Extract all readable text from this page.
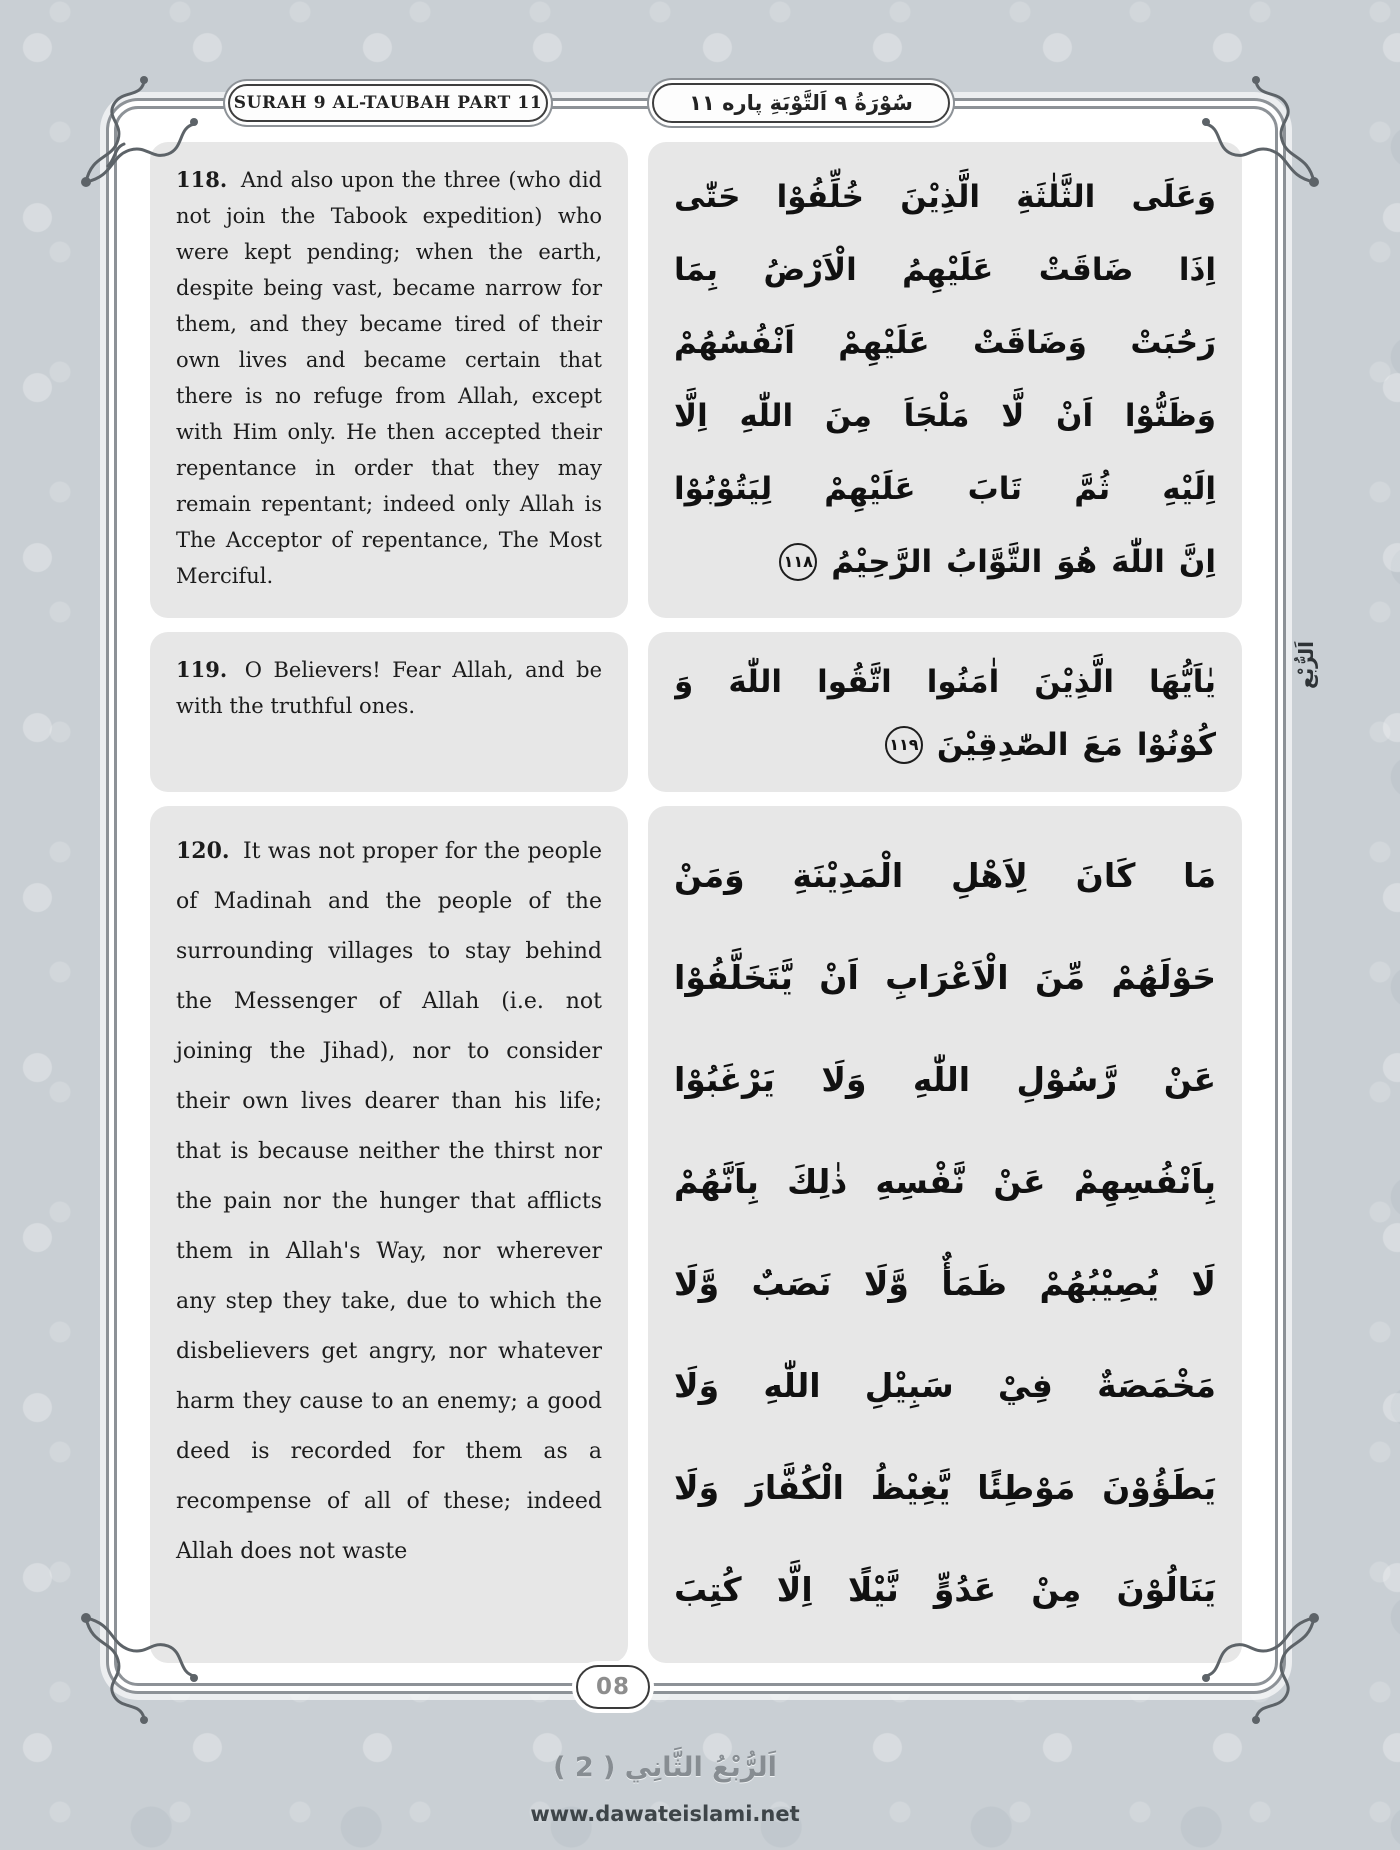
SURAH 9 AL-TAUBAH PART 11	سُوْرَةُ ٩ اَلتَّوْبَةِ پاره ١١

118. And also upon the three (who did not join the Tabook expedition) who were kept pending; when the earth, despite being vast, became narrow for them, and they became tired of their own lives and became certain that there is no refuge from Allah, except with Him only. He then accepted their repentance in order that they may remain repentant; indeed only Allah is The Acceptor of repentance, The Most Merciful.

وَعَلَى
الثَّلٰثَةِ
الَّذِيْنَ
خُلِّفُوْا
حَتّٰى
اِذَا
ضَاقَتْ
عَلَيْهِمُ
الْاَرْضُ
بِمَا
رَحُبَتْ
وَضَاقَتْ
عَلَيْهِمْ
اَنْفُسُهُمْ
وَظَنُّوْا
اَنْ
لَّا
مَلْجَاَ
مِنَ
اللّٰهِ
اِلَّا
اِلَيْهِ
ثُمَّ
تَابَ
عَلَيْهِمْ
لِيَتُوْبُوْا
اِنَّ
اللّٰهَ
هُوَ
التَّوَّابُ
الرَّحِيْمُ
١١٨

119. O Believers! Fear Allah, and be with the truthful ones.

يٰاَيُّهَا
الَّذِيْنَ
اٰمَنُوا
اتَّقُوا
اللّٰهَ
وَ
كُوْنُوْا
مَعَ
الصّٰدِقِيْنَ
١١٩

120. It was not proper for the people of Madinah and the people of the surrounding villages to stay behind the Messenger of Allah (i.e. not joining the Jihad), nor to consider their own lives dearer than his life; that is because neither the thirst nor the pain nor the hunger that afflicts them in Allah's Way, nor wherever any step they take, due to which the disbelievers get angry, nor whatever harm they cause to an enemy; a good deed is recorded for them as a recompense of all of these; indeed Allah does not waste

مَا
كَانَ
لِاَهْلِ
الْمَدِيْنَةِ
وَمَنْ
حَوْلَهُمْ
مِّنَ
الْاَعْرَابِ
اَنْ
يَّتَخَلَّفُوْا
عَنْ
رَّسُوْلِ
اللّٰهِ
وَلَا
يَرْغَبُوْا
بِاَنْفُسِهِمْ
عَنْ
نَّفْسِهِ
ذٰلِكَ
بِاَنَّهُمْ
لَا
يُصِيْبُهُمْ
ظَمَأٌ
وَّلَا
نَصَبٌ
وَّلَا
مَخْمَصَةٌ
فِيْ
سَبِيْلِ
اللّٰهِ
وَلَا
يَطَؤُوْنَ
مَوْطِئًا
يَّغِيْظُ
الْكُفَّارَ
وَلَا
يَنَالُوْنَ
مِنْ
عَدُوٍّ
نَّيْلًا
اِلَّا
كُتِبَ
اَلرُّبْع
08
اَلرُّبْعُ الثَّانِي ( 2 )
www.dawateislami.net
